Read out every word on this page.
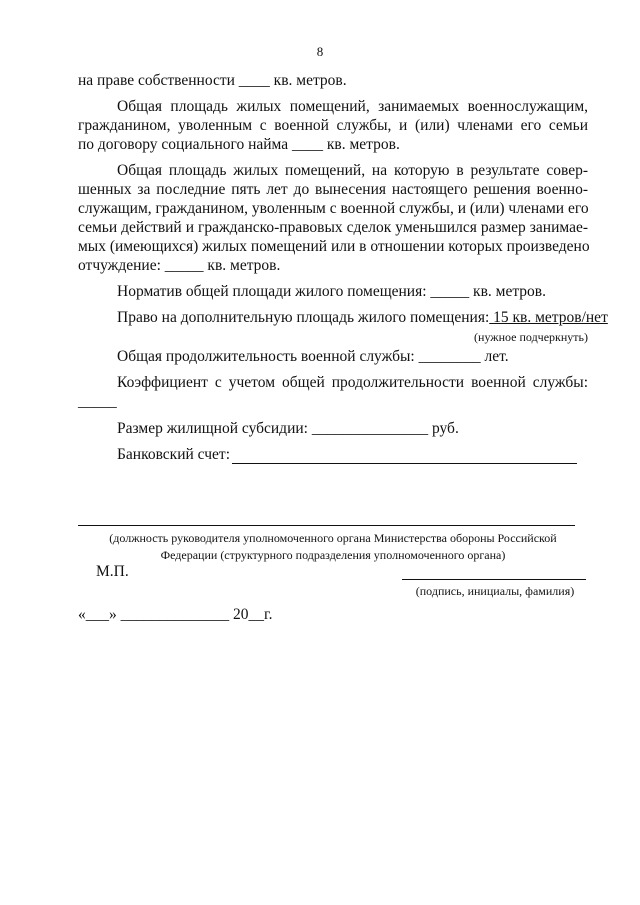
8
на праве собственности ____ кв. метров.
Общая площадь жилых помещений, занимаемых военнослужащим,
гражданином, уволенным с военной службы, и (или) членами его семьи
по договору социального найма ____ кв. метров.
Общая площадь жилых помещений, на которую в результате совер-
шенных за последние пять лет до вынесения настоящего решения военно-
служащим, гражданином, уволенным с военной службы, и (или) членами его
семьи действий и гражданско-правовых сделок уменьшился размер занимае-
мых (имеющихся) жилых помещений или в отношении которых произведено
отчуждение: _____ кв. метров.
Норматив общей площади жилого помещения: _____ кв. метров.
Право на дополнительную площадь жилого помещения: 15 кв. метров/нет
(нужное подчеркнуть)
Общая продолжительность военной службы: ________ лет.
Коэффициент с учетом общей продолжительности военной службы:
_____
Размер жилищной субсидии: _______________ руб.
Банковский счет:
(должность руководителя уполномоченного органа Министерства обороны Российской
Федерации (структурного подразделения уполномоченного органа)
М.П.
(подпись, инициалы, фамилия)
«___» ______________ 20__г.
